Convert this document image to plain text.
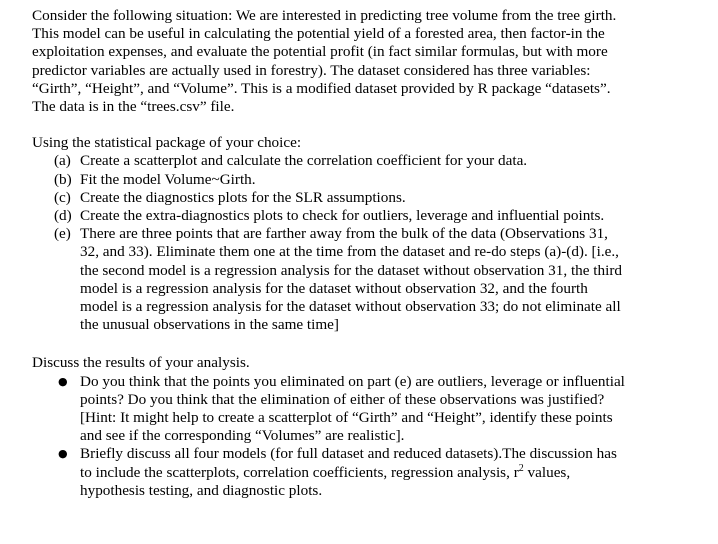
Consider the following situation: We are interested in predicting tree volume from the tree girth.

This model can be useful in calculating the potential yield of a forested area, then factor-in the

exploitation expenses, and evaluate the potential profit (in fact similar formulas, but with more

predictor variables are actually used in forestry). The dataset considered has three variables:

“Girth”, “Height”, and “Volume”. This is a modified dataset provided by R package “datasets”.

The data is in the “trees.csv” file.

Using the statistical package of your choice:

(a) Create a scatterplot and calculate the correlation coefficient for your data.

(b) Fit the model Volume~Girth.

(c) Create the diagnostics plots for the SLR assumptions.

(d) Create the extra-diagnostics plots to check for outliers, leverage and influential points.

(e) There are three points that are farther away from the bulk of the data (Observations 31,

32, and 33). Eliminate them one at the time from the dataset and re-do steps (a)-(d). [i.e.,

the second model is a regression analysis for the dataset without observation 31, the third

model is a regression analysis for the dataset without observation 32, and the fourth

model is a regression analysis for the dataset without observation 33; do not eliminate all

the unusual observations in the same time]

Discuss the results of your analysis.

● Do you think that the points you eliminated on part (e) are outliers, leverage or influential

points? Do you think that the elimination of either of these observations was justified?

[Hint: It might help to create a scatterplot of “Girth” and “Height”, identify these points

and see if the corresponding “Volumes” are realistic].

● Briefly discuss all four models (for full dataset and reduced datasets).The discussion has

to include the scatterplots, correlation coefficients, regression analysis, $r^2$ values,

hypothesis testing, and diagnostic plots.
